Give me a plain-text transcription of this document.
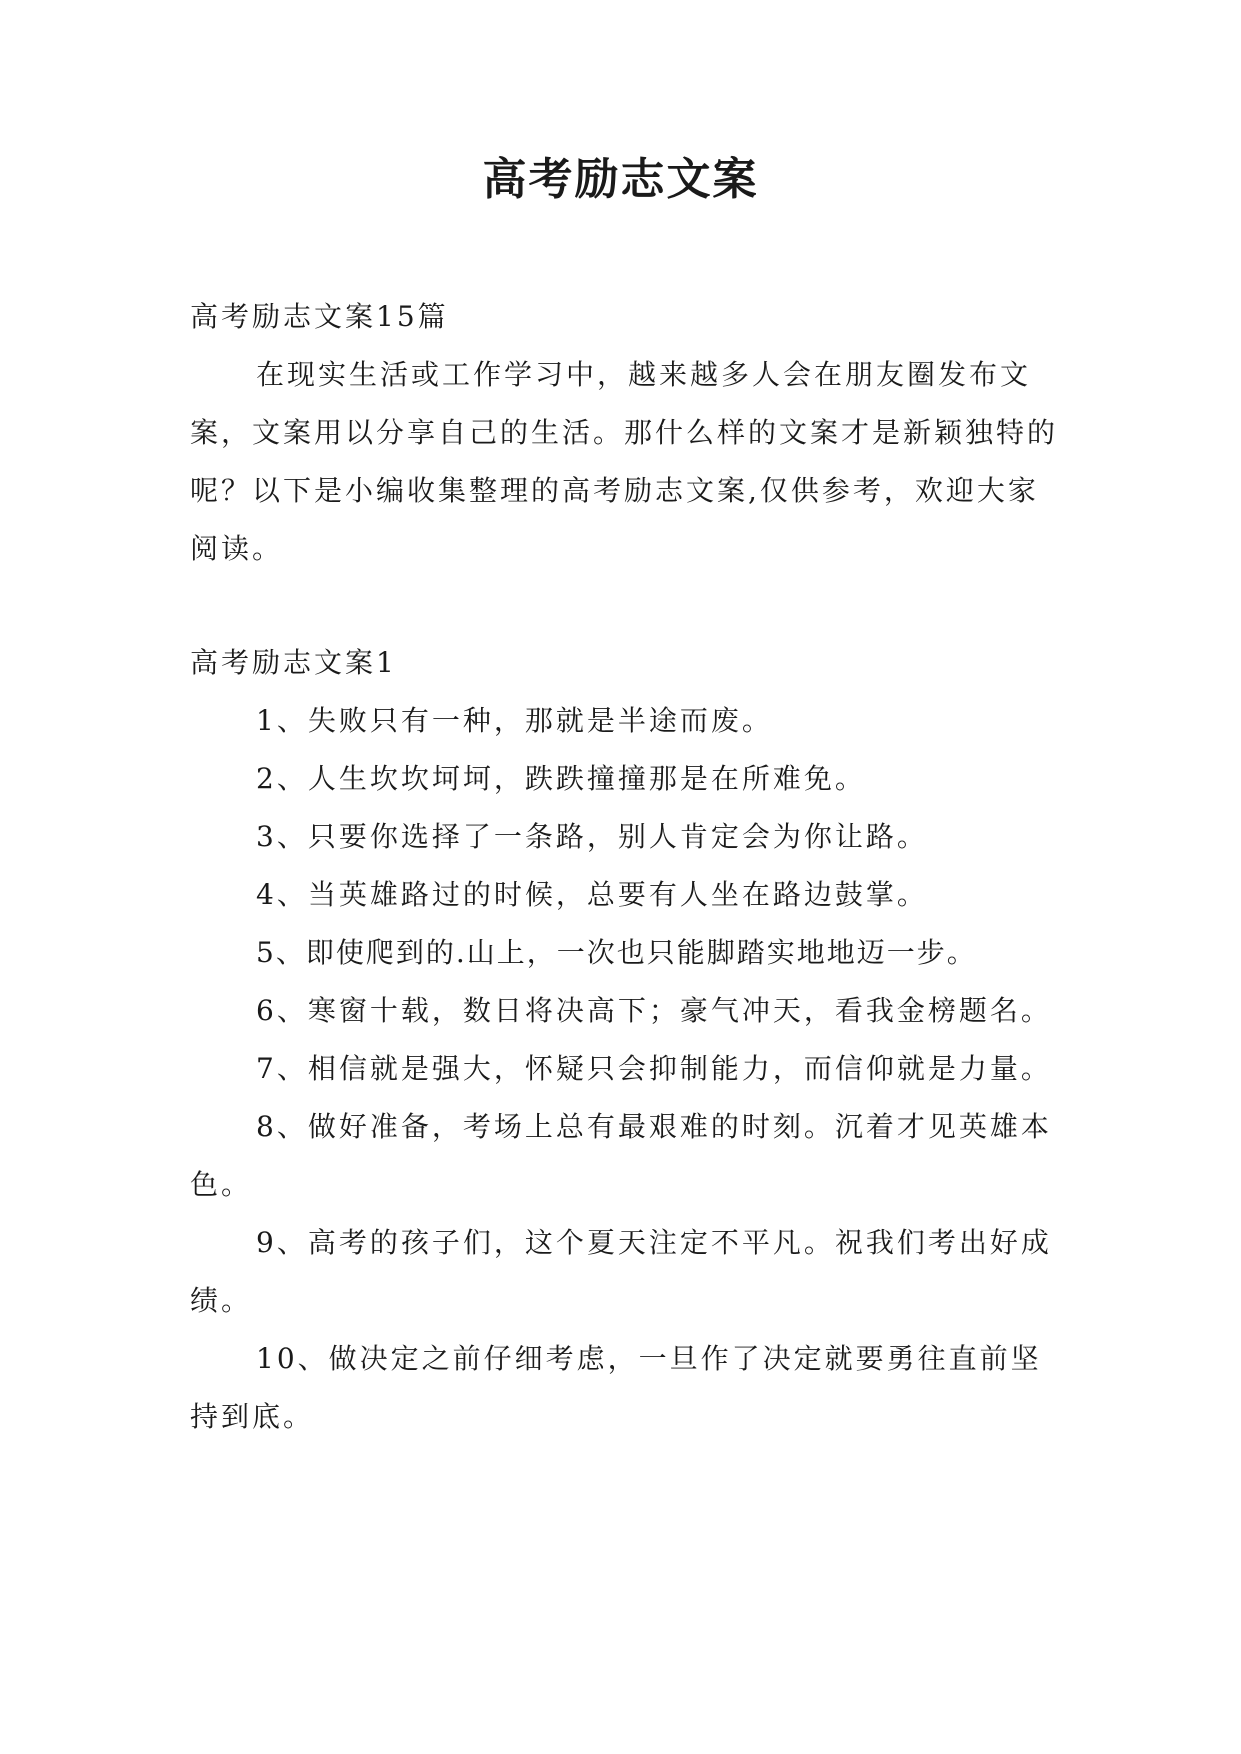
高考励志文案

高考励志文案15篇

在现实生活或工作学习中，越来越多人会在朋友圈发布文案，文案用以分享自己的生活。那什么样的文案才是新颖独特的呢？以下是小编收集整理的高考励志文案,仅供参考，欢迎大家阅读。

高考励志文案1

1、失败只有一种，那就是半途而废。

2、人生坎坎坷坷，跌跌撞撞那是在所难免。

3、只要你选择了一条路，别人肯定会为你让路。

4、当英雄路过的时候，总要有人坐在路边鼓掌。

5、即使爬到的.山上，一次也只能脚踏实地地迈一步。

6、寒窗十载，数日将决高下；豪气冲天，看我金榜题名。

7、相信就是强大，怀疑只会抑制能力，而信仰就是力量。

8、做好准备，考场上总有最艰难的时刻。沉着才见英雄本色。

9、高考的孩子们，这个夏天注定不平凡。祝我们考出好成绩。

10、做决定之前仔细考虑，一旦作了决定就要勇往直前坚持到底。
